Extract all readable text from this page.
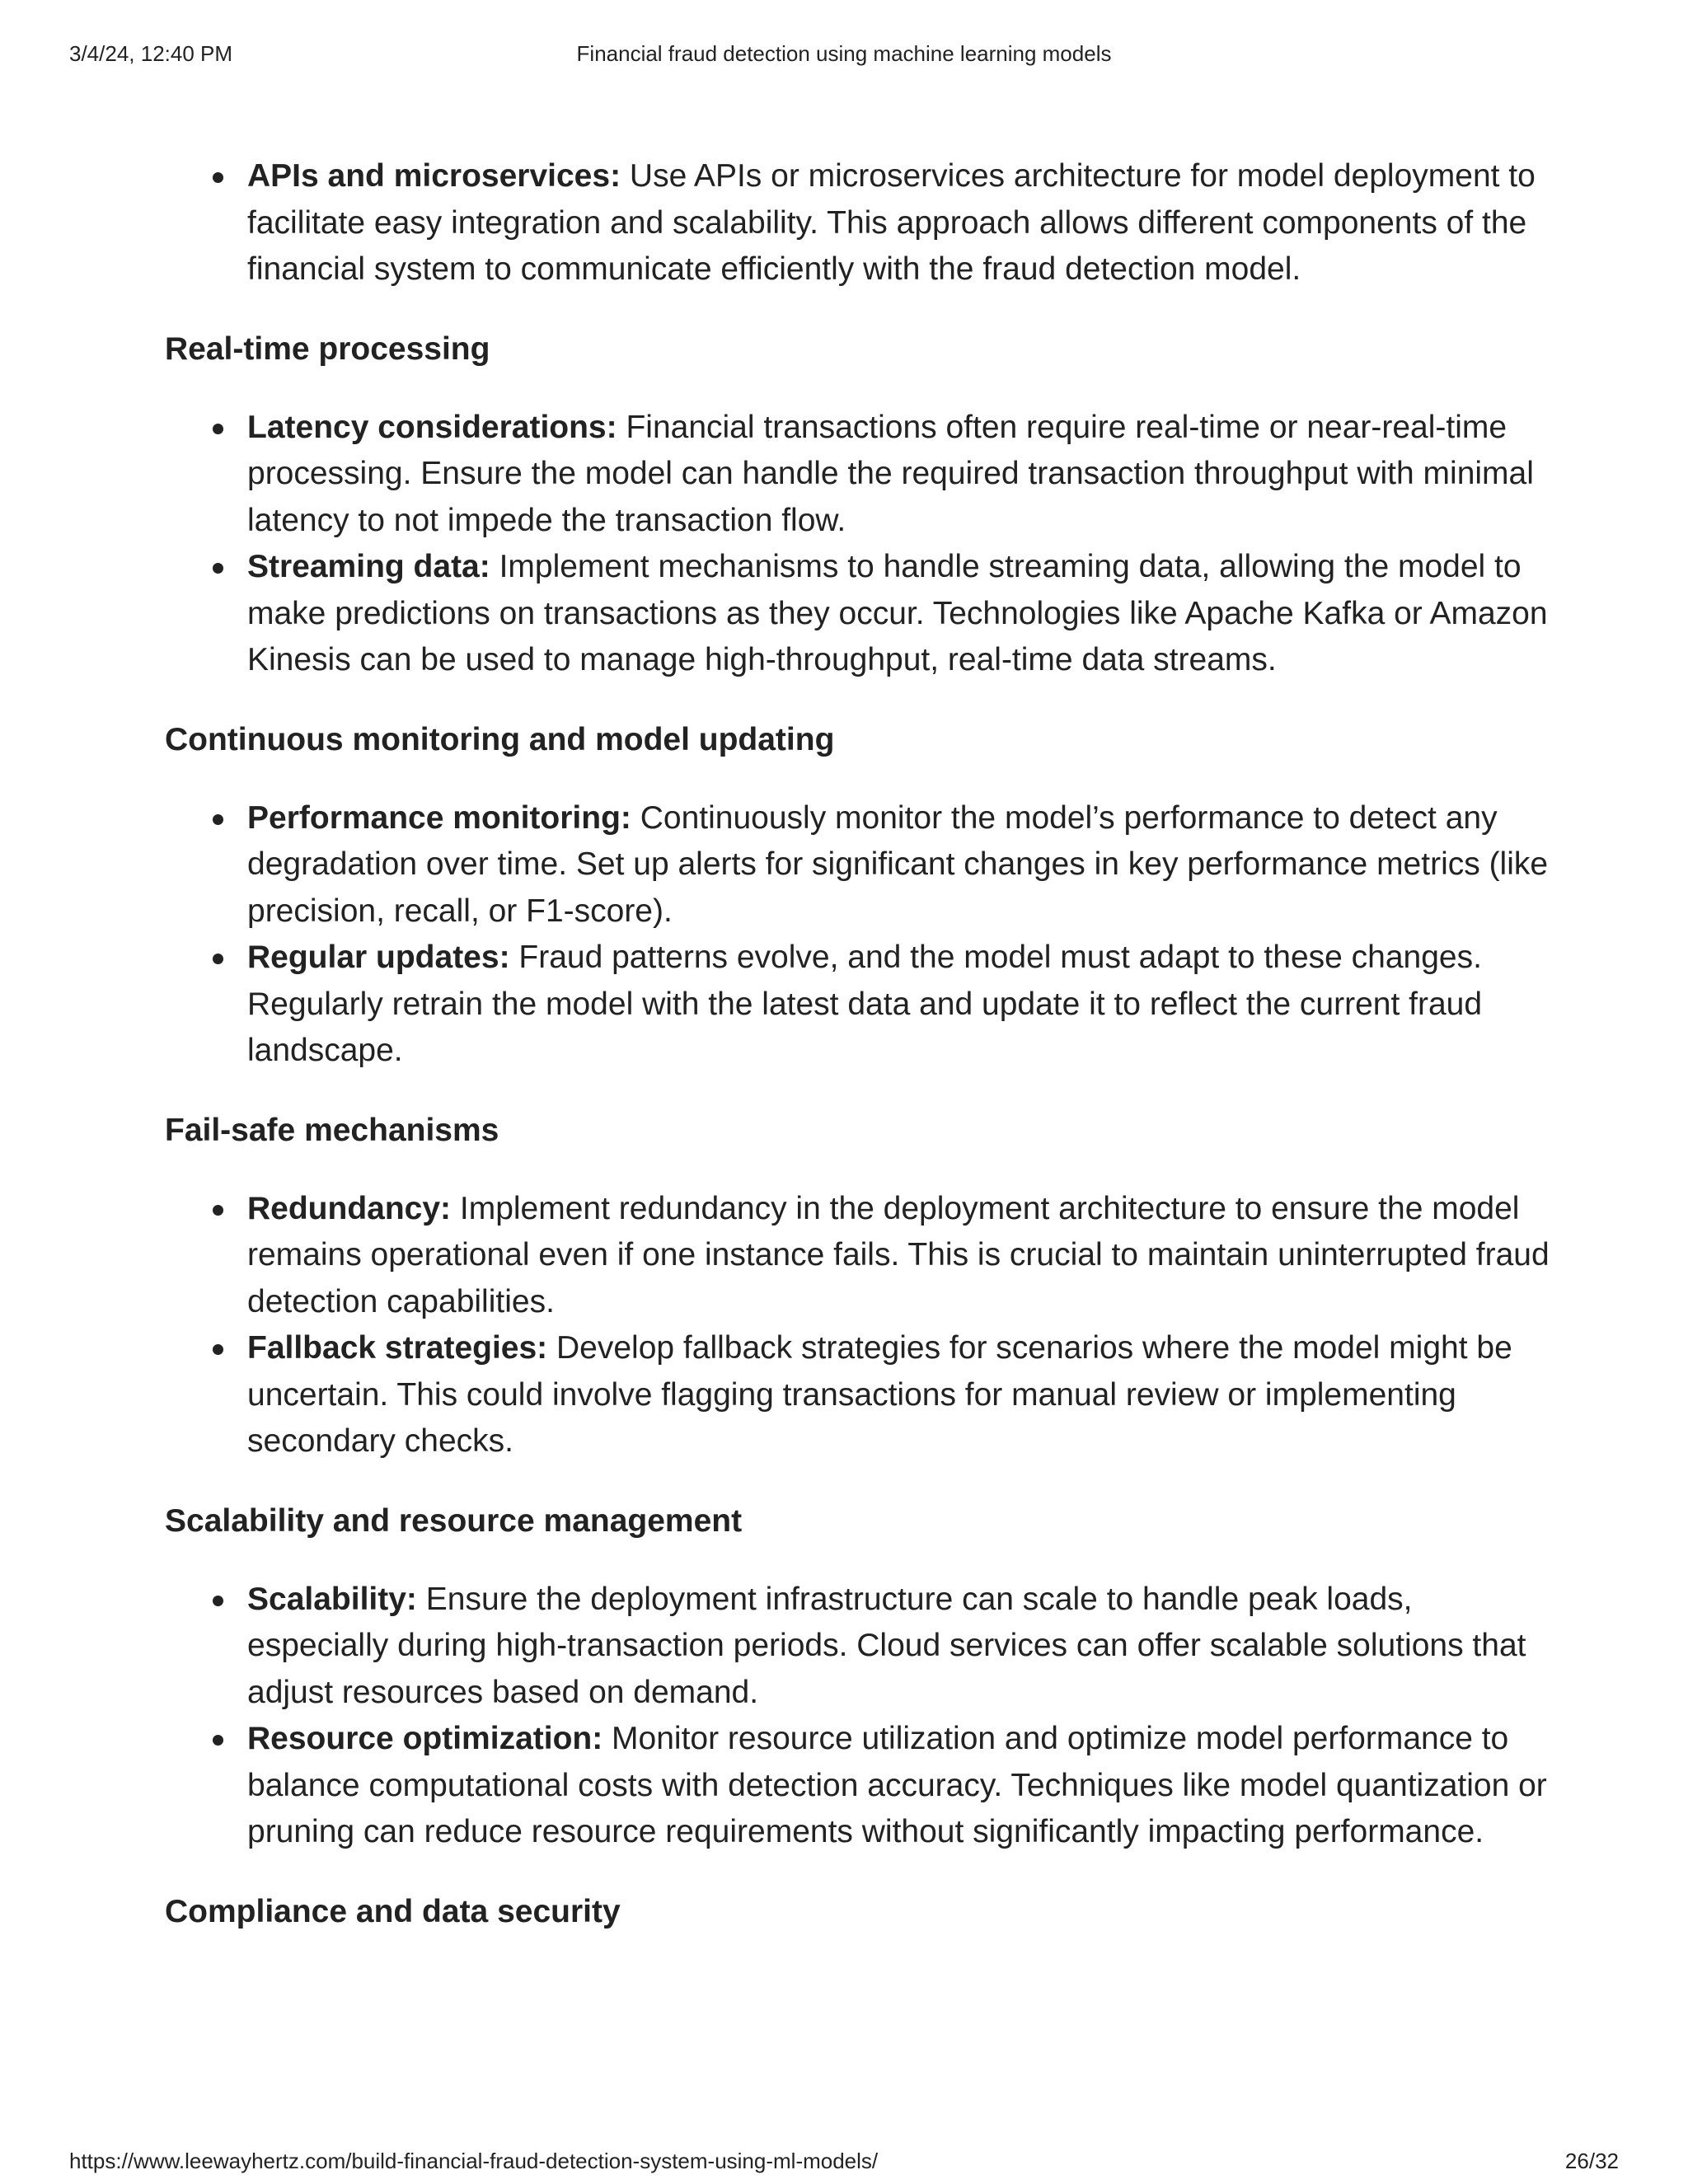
3/4/24, 12:40 PM	Financial fraud detection using machine learning models
APIs and microservices: Use APIs or microservices architecture for model deployment to facilitate easy integration and scalability. This approach allows different components of the financial system to communicate efficiently with the fraud detection model.
Real-time processing
Latency considerations: Financial transactions often require real-time or near-real-time processing. Ensure the model can handle the required transaction throughput with minimal latency to not impede the transaction flow.
Streaming data: Implement mechanisms to handle streaming data, allowing the model to make predictions on transactions as they occur. Technologies like Apache Kafka or Amazon Kinesis can be used to manage high-throughput, real-time data streams.
Continuous monitoring and model updating
Performance monitoring: Continuously monitor the model’s performance to detect any degradation over time. Set up alerts for significant changes in key performance metrics (like precision, recall, or F1-score).
Regular updates: Fraud patterns evolve, and the model must adapt to these changes. Regularly retrain the model with the latest data and update it to reflect the current fraud landscape.
Fail-safe mechanisms
Redundancy: Implement redundancy in the deployment architecture to ensure the model remains operational even if one instance fails. This is crucial to maintain uninterrupted fraud detection capabilities.
Fallback strategies: Develop fallback strategies for scenarios where the model might be uncertain. This could involve flagging transactions for manual review or implementing secondary checks.
Scalability and resource management
Scalability: Ensure the deployment infrastructure can scale to handle peak loads, especially during high-transaction periods. Cloud services can offer scalable solutions that adjust resources based on demand.
Resource optimization: Monitor resource utilization and optimize model performance to balance computational costs with detection accuracy. Techniques like model quantization or pruning can reduce resource requirements without significantly impacting performance.
Compliance and data security
https://www.leewayhertz.com/build-financial-fraud-detection-system-using-ml-models/	26/32
